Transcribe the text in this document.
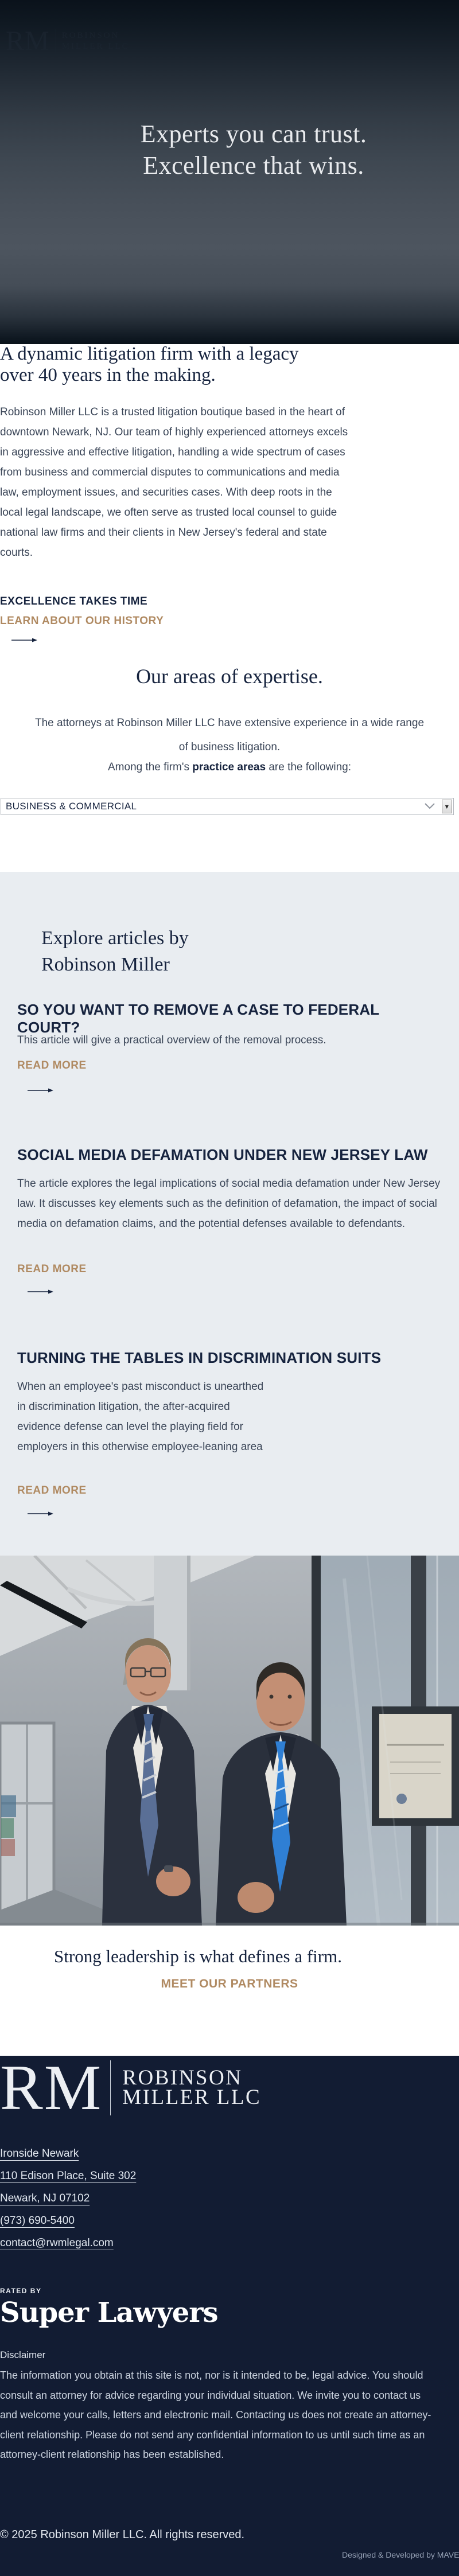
RM ROBINSON
MILLER LLC
Experts you can trust.
Excellence that wins.
A dynamic litigation firm with a legacy
over 40 years in the making.

Robinson Miller LLC is a trusted litigation boutique based in the heart of downtown Newark, NJ. Our team of highly experienced attorneys excels in aggressive and effective litigation, handling a wide spectrum of cases from business and commercial disputes to communications and media law, employment issues, and securities cases. With deep roots in the local legal landscape, we often serve as trusted local counsel to guide national law firms and their clients in New Jersey's federal and state courts.

EXCELLENCE TAKES TIME
LEARN ABOUT OUR HISTORY
Our areas of expertise.

The attorneys at Robinson Miller LLC have extensive experience in a wide range
of business litigation.

Among the firm's practice areas are the following:

BUSINESS & COMMERCIAL	▼
Explore articles by
Robinson Miller
SO YOU WANT TO REMOVE A CASE TO FEDERAL COURT?

This article will give a practical overview of the removal process.

READ MORE
SOCIAL MEDIA DEFAMATION UNDER NEW JERSEY LAW

The article explores the legal implications of social media defamation under New Jersey law. It discusses key elements such as the definition of defamation, the impact of social media on defamation claims, and the potential defenses available to defendants.

READ MORE
TURNING THE TABLES IN DISCRIMINATION SUITS

When an employee's past misconduct is unearthed in discrimination litigation, the after-acquired evidence defense can level the playing field for employers in this otherwise employee-leaning area

READ MORE
Strong leadership is what defines a firm.
MEET OUR PARTNERS
RM ROBINSON
MILLER LLC
Ironside Newark
110 Edison Place, Suite 302
Newark, NJ 07102
(973) 690-5400
contact@rwmlegal.com
RATED BY
Super Lawyers
Disclaimer

The information you obtain at this site is not, nor is it intended to be, legal advice. You should consult an attorney for advice regarding your individual situation. We invite you to contact us and welcome your calls, letters and electronic mail. Contacting us does not create an attorney-client relationship. Please do not send any confidential information to us until such time as an attorney-client relationship has been established.

© 2025 Robinson Miller LLC. All rights reserved.
Designed & Developed by MAVE
